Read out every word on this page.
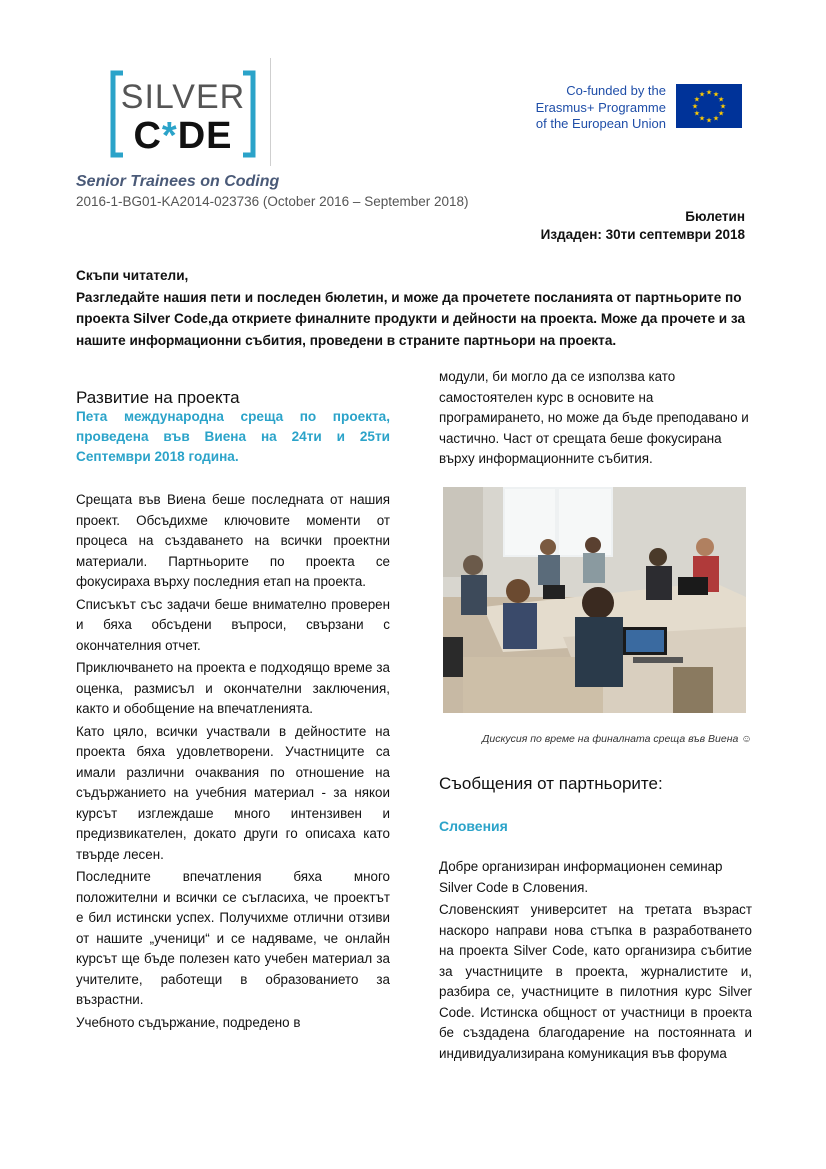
SILVER
C*DE
Senior Trainees on Coding
2016-1-BG01-KA2014-023736 (October 2016 – September 2018)
Co-funded by the
Erasmus+ Programme
of the European Union
★ ★
★
★
★
★
★
★
★
★
★
★
Бюлетин
Издаден: 30ти септември 2018

Скъпи читатели,

Разгледайте нашия пети и последен бюлетин, и може да прочетете посланията от партньорите по проекта Silver Code,да откриете финалните продукти и дейности на проекта. Може да прочете и за нашите информационни събития, проведени в страните партньори на проекта.

Развитие на проекта
Пета международна среща по проекта, проведена във Виена на 24ти и 25ти Септември 2018 година.

Срещата във Виена беше последната от нашия проект. Обсъдихме ключовите моменти от процеса на създаването на всички проектни материали. Партньорите по проекта се фокусираха върху последния етап на проекта.

Списъкът със задачи беше внимателно проверен и бяха обсъдени въпроси, свързани с окончателния отчет.

Приключването на проекта е подходящо време за оценка, размисъл и окончателни заключения, както и обобщение на впечатленията.

Като цяло, всички участвали в дейностите на проекта бяха удовлетворени. Участниците са имали различни очаквания по отношение на съдържанието на учебния материал - за някои курсът изглеждаше много интензивен и предизвикателен, докато други го описаха като твърде лесен.

Последните впечатления бяха много положителни и всички се съгласиха, че проектът е бил истински успех. Получихме отлични отзиви от нашите „ученици“ и се надяваме, че онлайн курсът ще бъде полезен като учебен материал за учителите, работещи в образованието за възрастни.

Учебното съдържание, подредено в

модули, би могло да се използва като самостоятелен курс в основите на програмирането, но може да бъде преподавано и частично. Част от срещата беше фокусирана върху информационните събития.
Дискусия по време на финалната среща във Виена ☺
Съобщения от партньорите:
Словения

Добре организиран информационен семинар Silver Code в Словения.

Словенският университет на третата възраст наскоро направи нова стъпка в разработването на проекта Silver Code, като организира събитие за участниците в проекта, журналистите и, разбира се, участниците в пилотния курс Silver Code. Истинска общност от участници в проекта бе създадена благодарение на постоянната и индивидуализирана комуникация във форума
